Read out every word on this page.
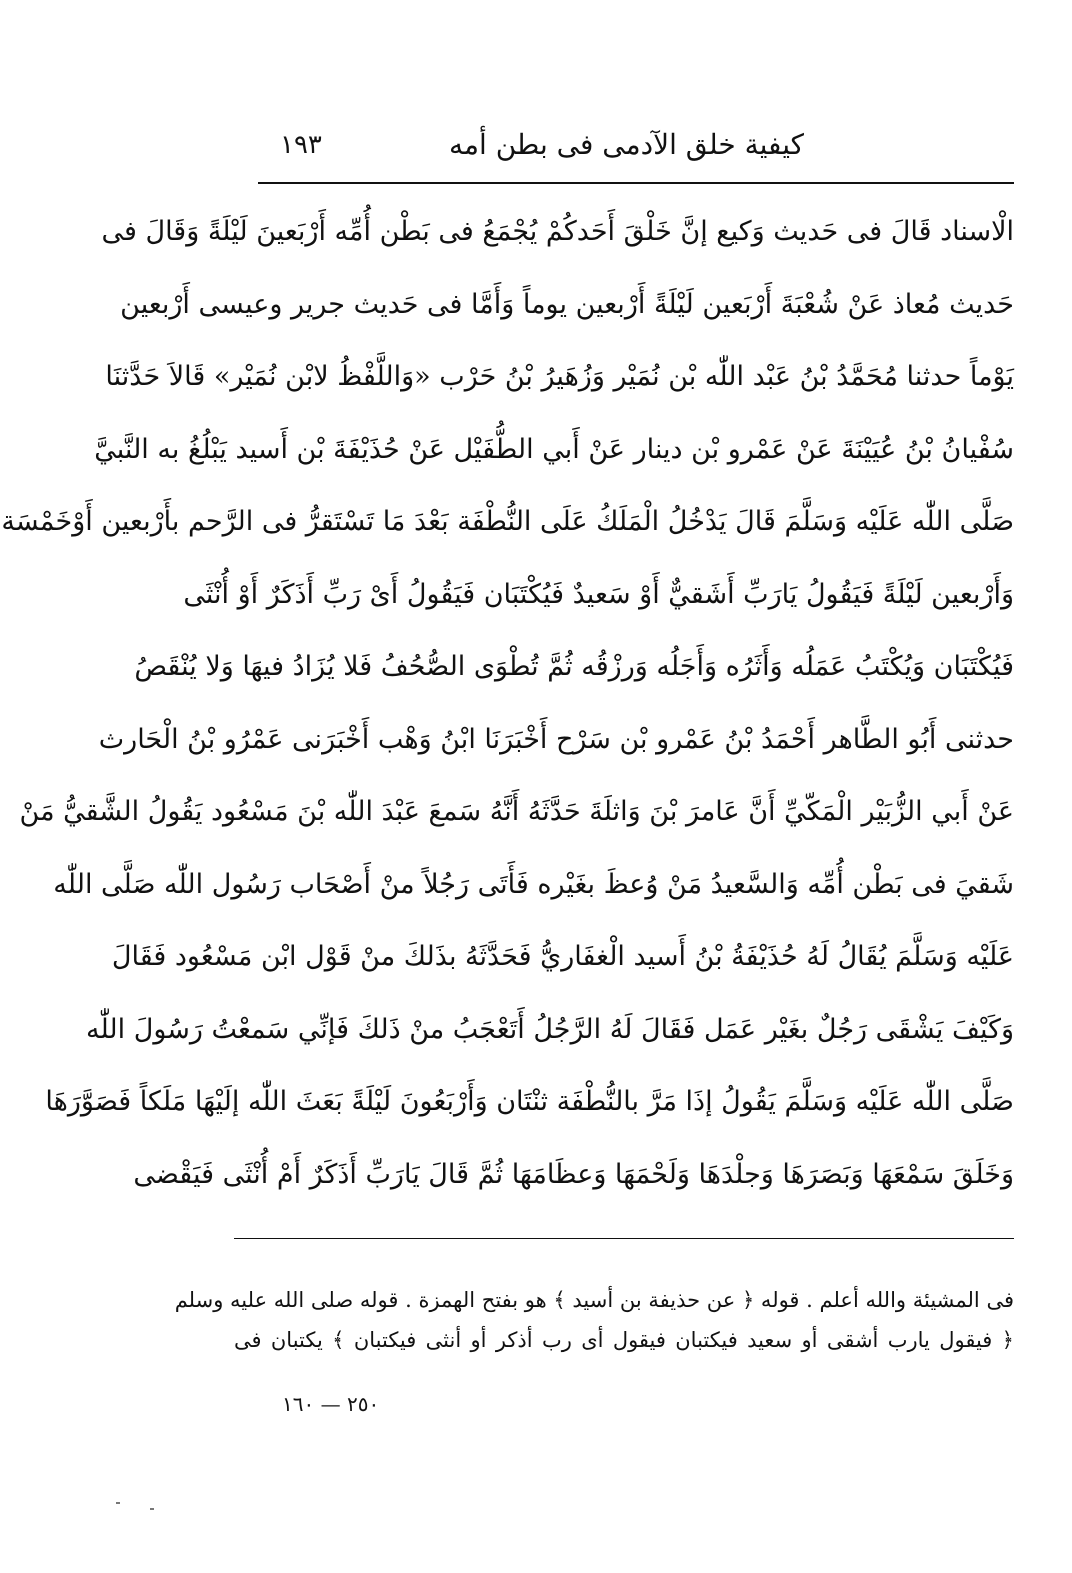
كيفية خلق الآدمى فى بطن أمه
١٩٣
الْاسناد قَالَ فى حَديث وَكيع إنَّ خَلْقَ أَحَدكُمْ يُجْمَعُ فى بَطْن أُمِّه أَرْبَعينَ لَيْلَةً وَقَالَ فى
حَديث مُعاذ عَنْ شُعْبَةَ أَرْبَعين لَيْلَةً أَرْبعين يوماً وَأَمَّا فى حَديث جرير وعيسى أَرْبعين
يَوْماً حدثنا مُحَمَّدُ بْنُ عَبْد اللّٰه بْن نُمَيْر وَزُهَيرُ بْنُ حَرْب «وَاللَّفْظُ لابْن نُمَيْر» قَالاَ حَدَّثنَا
سُفْيانُ بْنُ عُيَيْنَةَ عَنْ عَمْرو بْن دينار عَنْ أَبي الطُّفَيْل عَنْ حُذَيْفَةَ بْن أَسيد يَبْلُغُ به النَّبيَّ
صَلَّى اللّٰه عَلَيْه وَسَلَّمَ قَالَ يَدْخُلُ الْمَلَكُ عَلَى النُّطْفَة بَعْدَ مَا تَسْتَقرُّ فى الرَّحم بأَرْبعين أَوْخَمْسَة
وَأَرْبعين لَيْلَةً فَيَقُولُ يَارَبِّ أَشَقيٌّ أَوْ سَعيدٌ فَيُكْتَبَان فَيَقُولُ أَىْ رَبِّ أَذَكَرٌ أَوْ أُنْثَى
فَيُكْتَبَان وَيُكْتَبُ عَمَلُه وَأَثَرُه وَأَجَلُه وَرزْقُه ثُمَّ تُطْوَى الصُّحُفُ فَلا يُزَادُ فيهَا وَلا يُنْقَصُ
حدثنى أَبُو الطَّاهر أَحْمَدُ بْنُ عَمْرو بْن سَرْح أَخْبَرَنَا ابْنُ وَهْب أَخْبَرَنى عَمْرُو بْنُ الْحَارث
عَنْ أَبي الزُّبَيْر الْمَكّيِّ أَنَّ عَامرَ بْنَ وَاثلَةَ حَدَّثَهُ أَنَّهُ سَمعَ عَبْدَ اللّٰه بْنَ مَسْعُود يَقُولُ الشَّقيُّ مَنْ
شَقيَ فى بَطْن أُمِّه وَالسَّعيدُ مَنْ وُعظَ بغَيْره فَأَتَى رَجُلاً منْ أَصْحَاب رَسُول اللّٰه صَلَّى اللّٰه
عَلَيْه وَسَلَّمَ يُقَالُ لَهُ حُذَيْفَةُ بْنُ أَسيد الْغفَاريُّ فَحَدَّثَهُ بذَلكَ منْ قَوْل ابْن مَسْعُود فَقَالَ
وَكَيْفَ يَشْقَى رَجُلٌ بغَيْر عَمَل فَقَالَ لَهُ الرَّجُلُ أَتَعْجَبُ منْ ذَلكَ فَإنِّي سَمعْتُ رَسُولَ اللّٰه
صَلَّى اللّٰه عَلَيْه وَسَلَّمَ يَقُولُ إذَا مَرَّ بالنُّطْفَة ثنْتَان وَأَرْبَعُونَ لَيْلَةً بَعَثَ اللّٰه إلَيْهَا مَلَكاً فَصَوَّرَهَا
وَخَلَقَ سَمْعَهَا وَبَصَرَهَا وَجلْدَهَا وَلَحْمَهَا وَعظَامَهَا ثُمَّ قَالَ يَارَبِّ أَذَكَرٌ أَمْ أُنْثَى فَيَقْضى
فى المشيئة والله أعلم . قوله ﴿ عن حذيفة بن أسيد ﴾ هو بفتح الهمزة . قوله صلى الله عليه وسلم
﴿ فيقول يارب أشقى أو سعيد فيكتبان فيقول أى رب أذكر أو أنثى فيكتبان ﴾ يكتبان فى
٢٥٠ — ١٦٠
